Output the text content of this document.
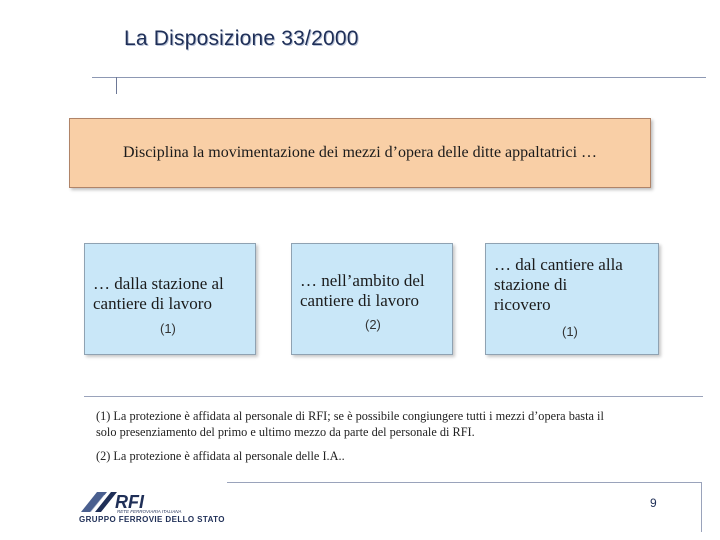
La Disposizione 33/2000
Disciplina la movimentazione dei mezzi d’opera delle ditte appaltatrici …
… dalla stazione al
cantiere di lavoro
(1)
… nell’ambito del
cantiere di lavoro
(2)
… dal cantiere alla
stazione di
ricovero
(1)
(1) La protezione è affidata al personale di RFI; se è possibile congiungere tutti i mezzi d’opera basta il
solo presenziamento del primo e ultimo mezzo da parte del personale di RFI.
(2) La protezione è affidata al personale delle I.A..
RFI
RETE FERROVIARIA ITALIANA
GRUPPO FERROVIE DELLO STATO
9
